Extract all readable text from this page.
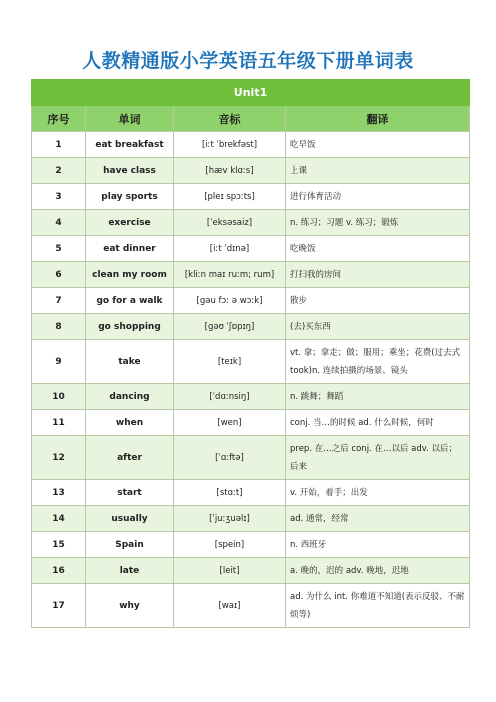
人教精通版小学英语五年级下册单词表
Unit1			
序号	单词	音标	翻译
1	eat breakfast	[iːt ˈbrekfəst]	吃早饭
2	have class	[hæv klɑːs]	上课
3	play sports	[pleɪ spɔːts]	进行体育活动
4	exercise	[ˈeksəsaiz]	n. 练习；习题 v. 练习；锻炼
5	eat dinner	[iːt ˈdɪnə]	吃晚饭
6	clean my room	[kliːn maɪ ruːm; rum]	打扫我的房间
7	go for a walk	[gəu fɔː ə wɔːk]	散步
8	go shopping	[gəʊ ˈʃɒpɪŋ]	(去)买东西
9	take	[teɪk]	vt. 拿；拿走；做；服用；乘坐；花费(过去式 took)n. 连续拍摄的场景、镜头
10	dancing	[ˈdɑːnsiŋ]	n. 跳舞；舞蹈
11	when	[wen]	conj. 当…的时候 ad. 什么时候，何时
12	after	[ˈɑːftə]	prep. 在…之后 conj. 在…以后 adv. 以后；后来
13	start	[stɑːt]	v. 开始，着手；出发
14	usually	[ˈjuːʒuəlɪ]	ad. 通常，经常
15	Spain	[spein]	n. 西班牙
16	late	[leit]	a. 晚的，迟的 adv. 晚地，迟地
17	why	[waɪ]	ad. 为什么 int. 你难道不知道(表示反驳、不耐烦等)
